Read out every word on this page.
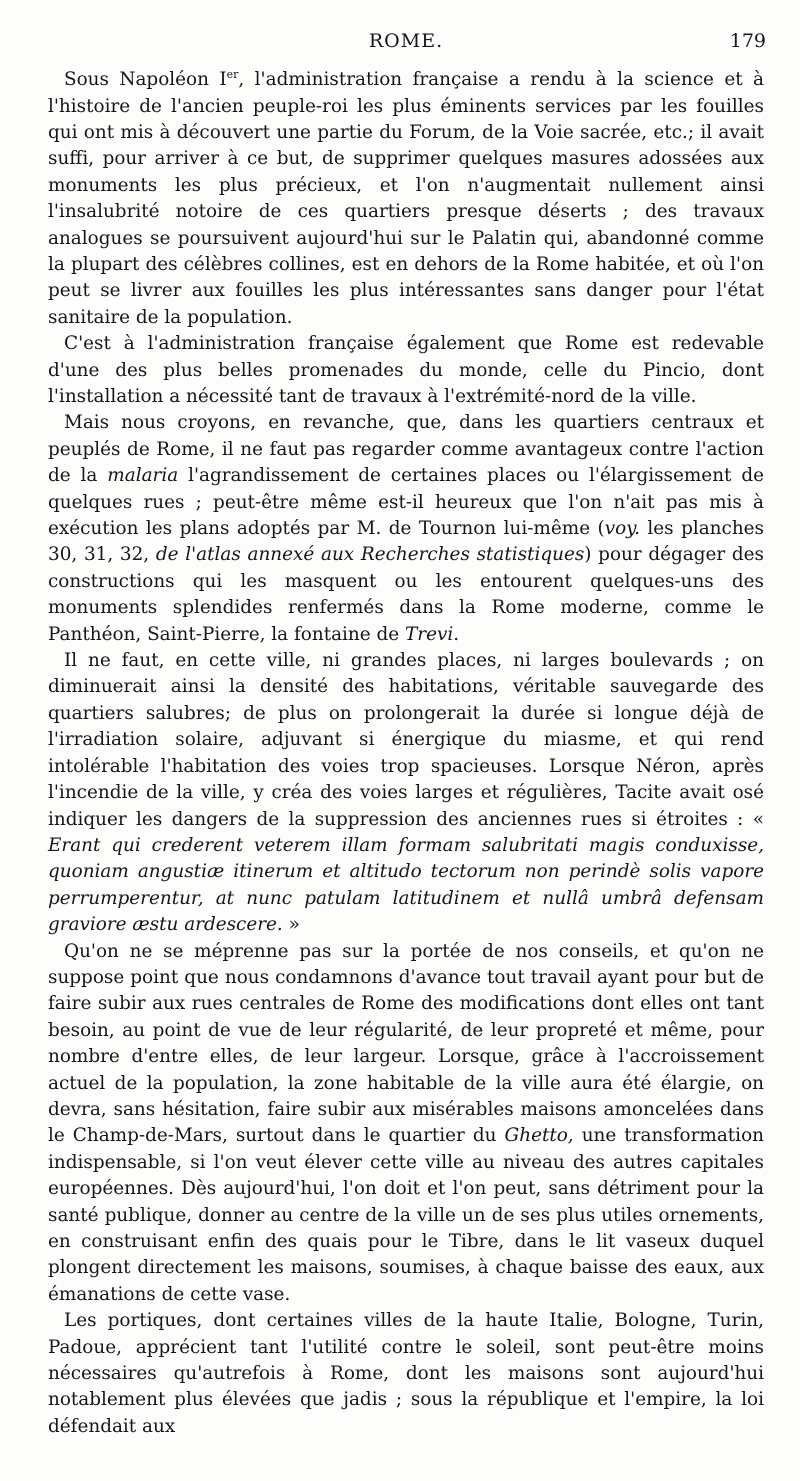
ROME.	179

Sous Napoléon Ier, l'administration française a rendu à la science et à l'histoire de l'ancien peuple-roi les plus éminents services par les fouilles qui ont mis à découvert une partie du Forum, de la Voie sacrée, etc.; il avait suffi, pour arriver à ce but, de supprimer quelques masures adossées aux monuments les plus précieux, et l'on n'augmentait nullement ainsi l'insalubrité notoire de ces quartiers presque déserts ; des travaux analogues se poursuivent aujourd'hui sur le Palatin qui, abandonné comme la plupart des célèbres collines, est en dehors de la Rome habitée, et où l'on peut se livrer aux fouilles les plus intéressantes sans danger pour l'état sanitaire de la population.

C'est à l'administration française également que Rome est redevable d'une des plus belles promenades du monde, celle du Pincio, dont l'installation a nécessité tant de travaux à l'extrémité-nord de la ville.

Mais nous croyons, en revanche, que, dans les quartiers centraux et peuplés de Rome, il ne faut pas regarder comme avantageux contre l'action de la malaria l'agrandissement de certaines places ou l'élargissement de quelques rues ; peut-être même est-il heureux que l'on n'ait pas mis à exécution les plans adoptés par M. de Tournon lui-même (voy. les planches 30, 31, 32, de l'atlas annexé aux Recherches statistiques) pour dégager des constructions qui les masquent ou les entourent quelques-uns des monuments splendides renfermés dans la Rome moderne, comme le Panthéon, Saint-Pierre, la fontaine de Trevi.

Il ne faut, en cette ville, ni grandes places, ni larges boulevards ; on diminuerait ainsi la densité des habitations, véritable sauvegarde des quartiers salubres; de plus on prolongerait la durée si longue déjà de l'irradiation solaire, adjuvant si énergique du miasme, et qui rend intolérable l'habitation des voies trop spacieuses. Lorsque Néron, après l'incendie de la ville, y créa des voies larges et régulières, Tacite avait osé indiquer les dangers de la suppression des anciennes rues si étroites : « Erant qui crederent veterem illam formam salubritati magis conduxisse, quoniam angustiæ itinerum et altitudo tectorum non perindè solis vapore perrumperentur, at nunc patulam latitudinem et nullâ umbrâ defensam graviore æstu ardescere. »

Qu'on ne se méprenne pas sur la portée de nos conseils, et qu'on ne suppose point que nous condamnons d'avance tout travail ayant pour but de faire subir aux rues centrales de Rome des modifications dont elles ont tant besoin, au point de vue de leur régularité, de leur propreté et même, pour nombre d'entre elles, de leur largeur. Lorsque, grâce à l'accroissement actuel de la population, la zone habitable de la ville aura été élargie, on devra, sans hésitation, faire subir aux misérables maisons amoncelées dans le Champ-de-Mars, surtout dans le quartier du Ghetto, une transformation indispensable, si l'on veut élever cette ville au niveau des autres capitales européennes. Dès aujourd'hui, l'on doit et l'on peut, sans détriment pour la santé publique, donner au centre de la ville un de ses plus utiles ornements, en construisant enfin des quais pour le Tibre, dans le lit vaseux duquel plongent directement les maisons, soumises, à chaque baisse des eaux, aux émanations de cette vase.

Les portiques, dont certaines villes de la haute Italie, Bologne, Turin, Padoue, apprécient tant l'utilité contre le soleil, sont peut-être moins nécessaires qu'autrefois à Rome, dont les maisons sont aujourd'hui notablement plus élevées que jadis ; sous la république et l'empire, la loi défendait aux
